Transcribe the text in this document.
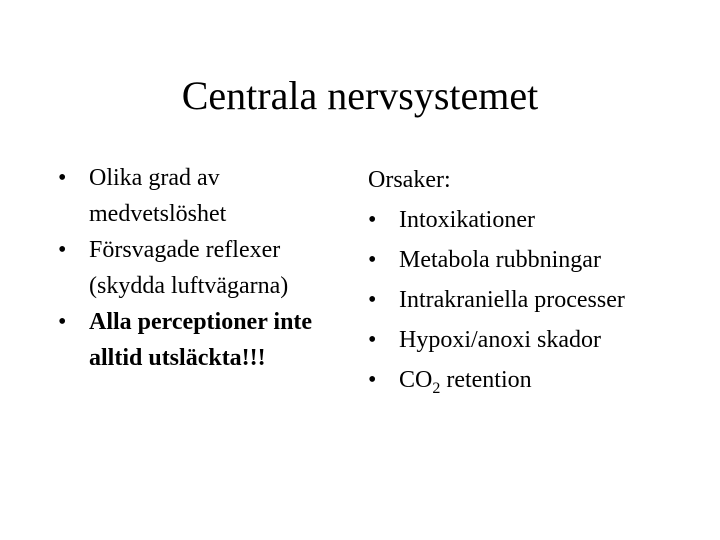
Centrala nervsystemet
• Olika grad av medvetslöshet
• Försvagade reflexer (skydda luftvägarna)
• Alla perceptioner inte alltid utsläckta!!!
Orsaker:
• Intoxikationer
• Metabola rubbningar
• Intrakraniella processer
• Hypoxi/anoxi skador
• $CO_2$ retention
